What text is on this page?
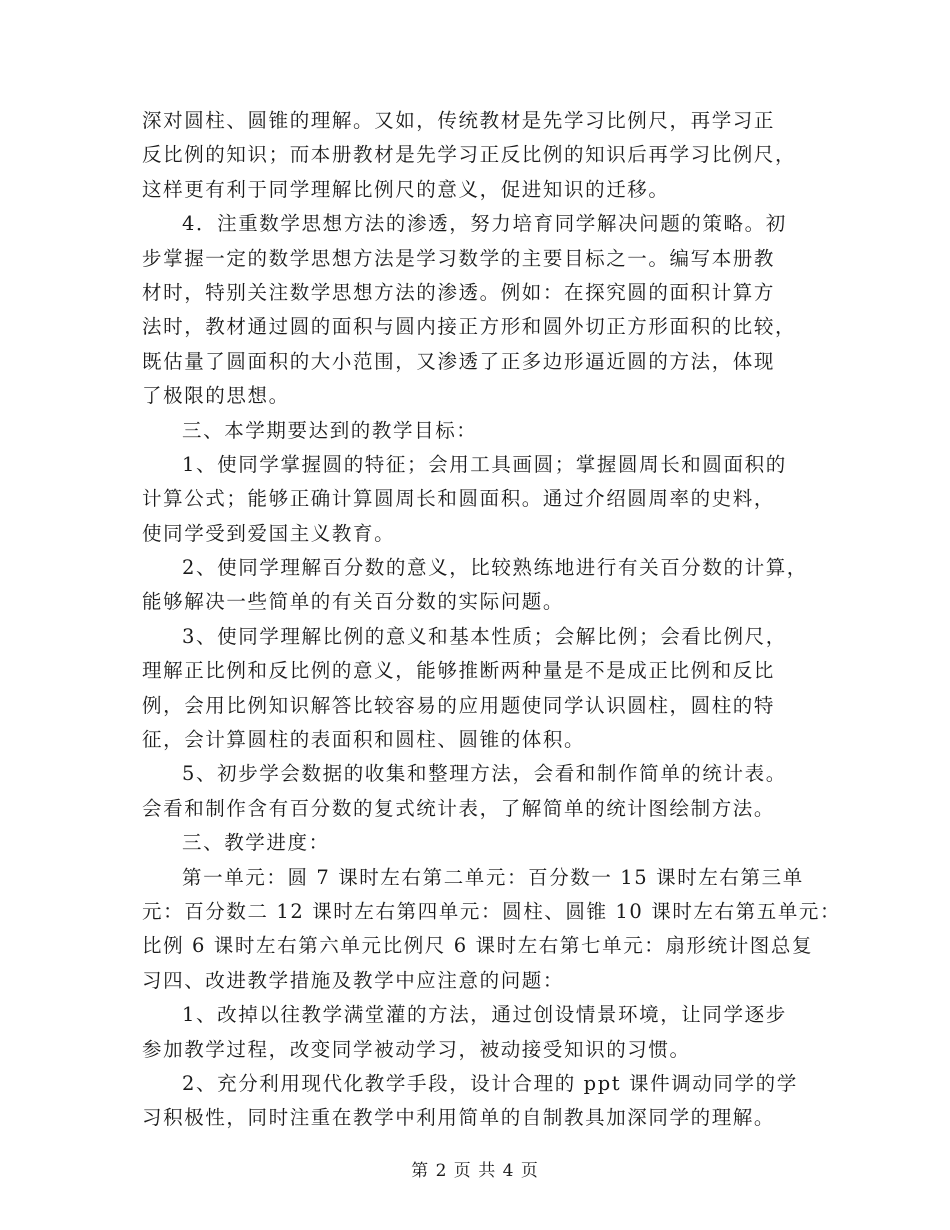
深对圆柱、圆锥的理解。又如，传统教材是先学习比例尺，再学习正
反比例的知识；而本册教材是先学习正反比例的知识后再学习比例尺，
这样更有利于同学理解比例尺的意义，促进知识的迁移。
4．注重数学思想方法的渗透，努力培育同学解决问题的策略。初
步掌握一定的数学思想方法是学习数学的主要目标之一。编写本册教
材时，特别关注数学思想方法的渗透。例如：在探究圆的面积计算方
法时，教材通过圆的面积与圆内接正方形和圆外切正方形面积的比较，
既估量了圆面积的大小范围，又渗透了正多边形逼近圆的方法，体现
了极限的思想。
三、本学期要达到的教学目标：
1、使同学掌握圆的特征；会用工具画圆；掌握圆周长和圆面积的
计算公式；能够正确计算圆周长和圆面积。通过介绍圆周率的史料，
使同学受到爱国主义教育。
2、使同学理解百分数的意义，比较熟练地进行有关百分数的计算，
能够解决一些简单的有关百分数的实际问题。
3、使同学理解比例的意义和基本性质；会解比例；会看比例尺，
理解正比例和反比例的意义，能够推断两种量是不是成正比例和反比
例，会用比例知识解答比较容易的应用题使同学认识圆柱，圆柱的特
征，会计算圆柱的表面积和圆柱、圆锥的体积。
5、初步学会数据的收集和整理方法，会看和制作简单的统计表。
会看和制作含有百分数的复式统计表，了解简单的统计图绘制方法。
三、教学进度：
第一单元：圆 7 课时左右第二单元：百分数一 15 课时左右第三单
元：百分数二 12 课时左右第四单元：圆柱、圆锥 10 课时左右第五单元：
比例 6 课时左右第六单元比例尺 6 课时左右第七单元：扇形统计图总复
习四、改进教学措施及教学中应注意的问题：
1、改掉以往教学满堂灌的方法，通过创设情景环境，让同学逐步
参加教学过程，改变同学被动学习，被动接受知识的习惯。
2、充分利用现代化教学手段，设计合理的 ppt 课件调动同学的学
习积极性，同时注重在教学中利用简单的自制教具加深同学的理解。
第 2 页 共 4 页
